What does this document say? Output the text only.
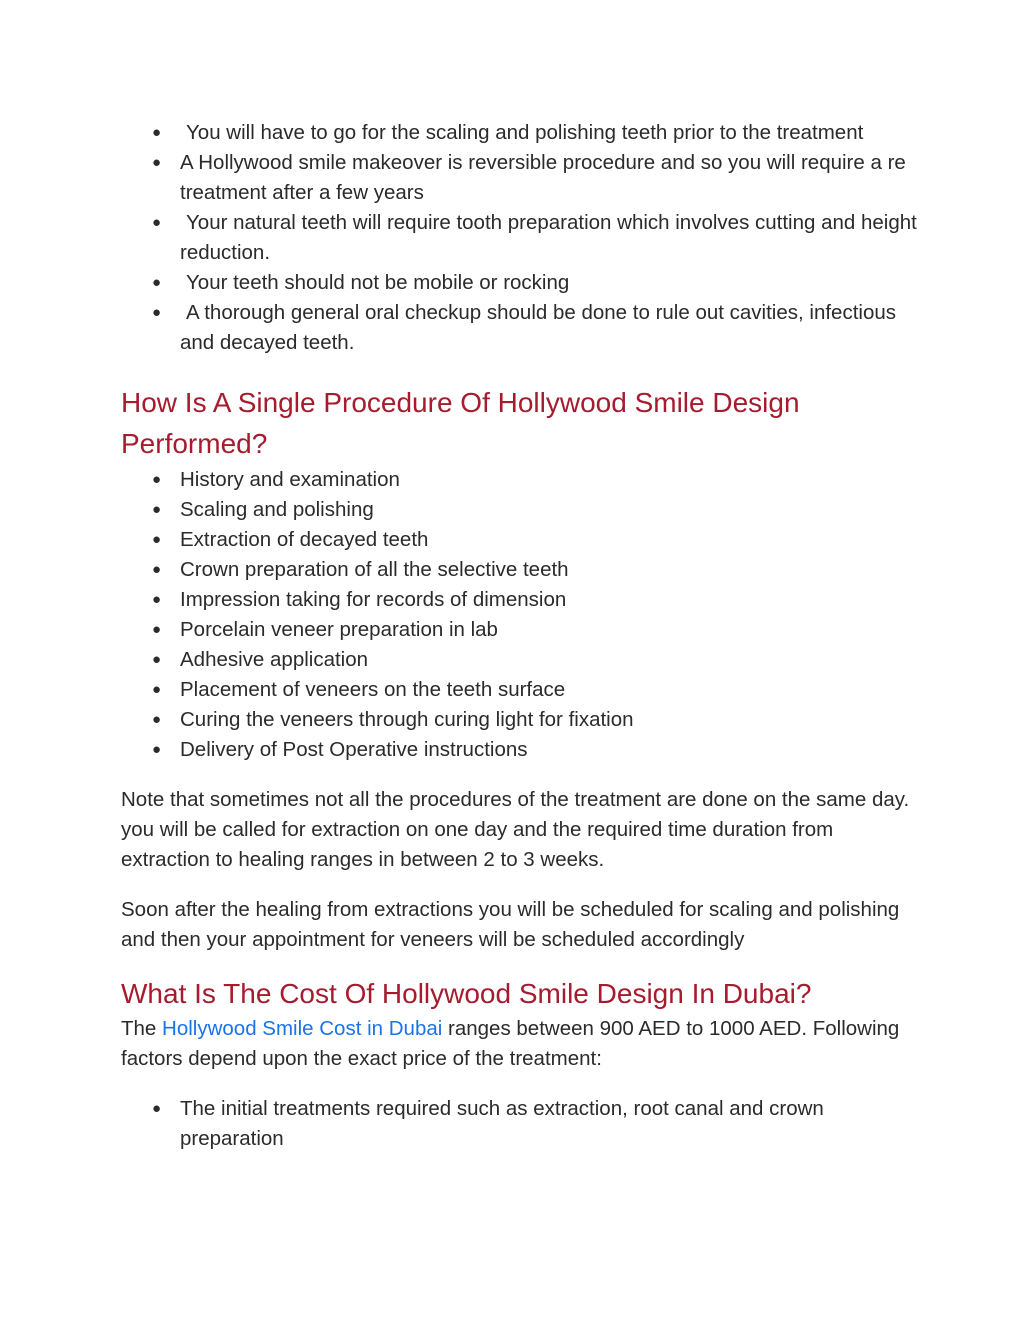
● You will have to go for the scaling and polishing teeth prior to the treatment
● A Hollywood smile makeover is reversible procedure and so you will require a re treatment after a few years
● Your natural teeth will require tooth preparation which involves cutting and height reduction.
● Your teeth should not be mobile or rocking
● A thorough general oral checkup should be done to rule out cavities, infectious and decayed teeth.
How Is A Single Procedure Of Hollywood Smile Design Performed?
● History and examination
● Scaling and polishing
● Extraction of decayed teeth
● Crown preparation of all the selective teeth
● Impression taking for records of dimension
● Porcelain veneer preparation in lab
● Adhesive application
● Placement of veneers on the teeth surface
● Curing the veneers through curing light for fixation
● Delivery of Post Operative instructions

Note that sometimes not all the procedures of the treatment are done on the same day. you will be called for extraction on one day and the required time duration from extraction to healing ranges in between 2 to 3 weeks.

Soon after the healing from extractions you will be scheduled for scaling and polishing and then your appointment for veneers will be scheduled accordingly

What Is The Cost Of Hollywood Smile Design In Dubai?

The Hollywood Smile Cost in Dubai ranges between 900 AED to 1000 AED. Following factors depend upon the exact price of the treatment:

● The initial treatments required such as extraction, root canal and crown preparation
